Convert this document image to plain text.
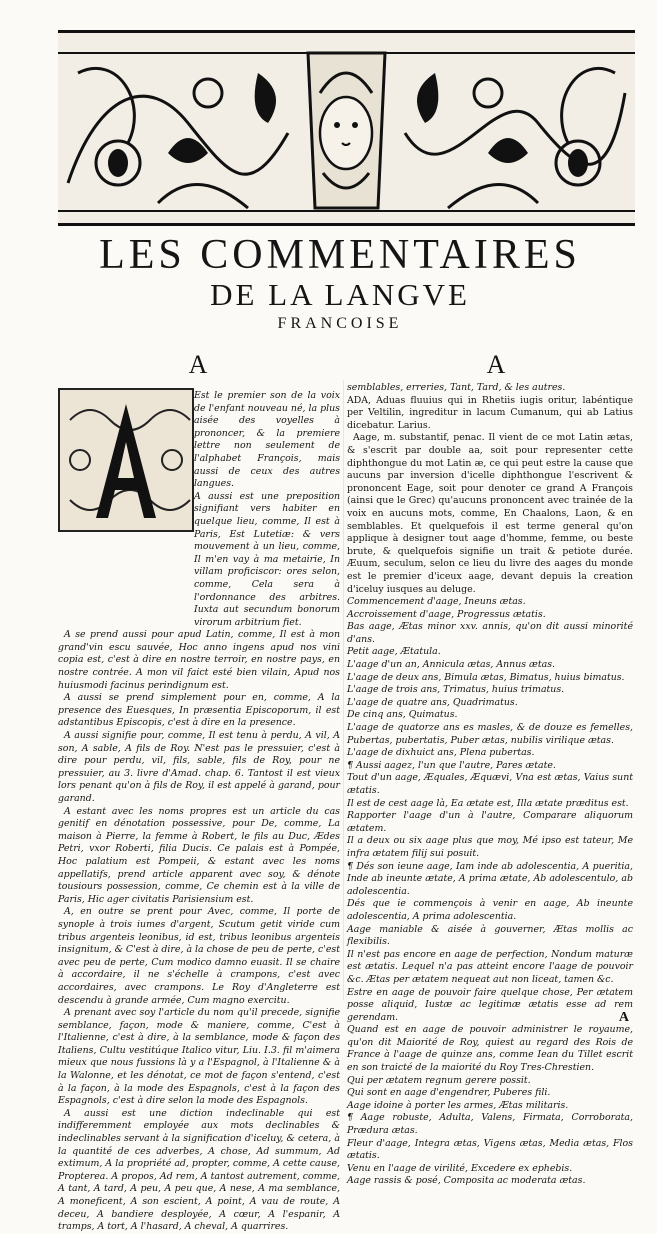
LES COMMENTAIRES
DE LA LANGVE
FRANCOISE
A	A

Est le premier son de la voix de l'enfant nouveau né, la plus aisée des voyelles à prononcer, & la premiere lettre non seulement de l'alphabet François, mais aussi de ceux des autres langues.

A aussi est une preposition signifiant vers habiter en quelque lieu, comme, Il est à Paris, Est Lutetiæ: & vers mouvement à un lieu, comme, Il m'en vay à ma metairie, In villam proficiscor: ores selon, comme, Cela sera à l'ordonnance des arbitres. Iuxta aut secundum bonorum virorum arbitrium fiet.

A se prend aussi pour apud Latin, comme, Il est à mon grand'vin escu sauvée, Hoc anno ingens apud nos vini copia est, c'est à dire en nostre terroir, en nostre pays, en nostre contrée. A mon vil faict esté bien vilain, Apud nos huiusmodi facinus perindignum est.

A aussi se prend simplement pour en, comme, A la presence des Euesques, In præsentia Episcoporum, il est adstantibus Episcopis, c'est à dire en la presence.

A aussi signifie pour, comme, Il est tenu à perdu, A vil, A son, A sable, A fils de Roy. N'est pas le pressuier, c'est à dire pour perdu, vil, fils, sable, fils de Roy, pour ne pressuier, au 3. livre d'Amad. chap. 6. Tantost il est vieux lors penant qu'on à fils de Roy, il est appelé à garand, pour garand.

A estant avec les noms propres est un article du cas genitif en dénotation possessive, pour De, comme, La maison à Pierre, la femme à Robert, le fils au Duc, Ædes Petri, vxor Roberti, filia Ducis. Ce palais est à Pompée, Hoc palatium est Pompeii, & estant avec les noms appellatifs, prend article apparent avec soy, & dénote tousiours possession, comme, Ce chemin est à la ville de Paris, Hic ager civitatis Parisiensium est.

A, en outre se prent pour Avec, comme, Il porte de synople à trois iumes d'argent, Scutum getit viride cum tribus argenteis leonibus, id est, tribus leonibus argenteis insignitum, & C'est à dire, à la chose de peu de perte, c'est avec peu de perte, Cum modico damno euasit. Il se chaire à accordaire, il ne s'échelle à crampons, c'est avec accordaires, avec crampons. Le Roy d'Angleterre est descendu à grande armée, Cum magno exercitu.

A prenant avec soy l'article du nom qu'il precede, signifie semblance, façon, mode & maniere, comme, C'est à l'Italienne, c'est à dire, à la semblance, mode & façon des Italiens, Cultu vestitúque Italico vitur, Liu. I.3. fil m'aimera mieux que nous fussions là y a l'Espagnol, à l'Italienne & à la Walonne, et les dénotat, ce mot de façon s'entend, c'est à la façon, à la mode des Espagnols, c'est à la façon des Espagnols, c'est à dire selon la mode des Espagnols.

A aussi est une diction indeclinable qui est indifferemment employée aux mots declinables & indeclinables servant à la signification d'iceluy, & cetera, à la quantité de ces adverbes, A chose, Ad summum, Ad extimum, A la propriété ad, propter, comme, A cette cause, Propterea. A propos, Ad rem, A tantost autrement, comme, A tant, A tard, A peu, A peu que, A nese, A ma semblance, A moneficent, A son escient, A point, A vau de route, A deceu, A bandiere desployée, A cœur, A l'espanir, A tramps, A tort, A l'hasard, A cheval, A quarrires.

semblables, erreries, Tant, Tard, & les autres.

ADA, Aduas fluuius qui in Rhetiis iugis oritur, labéntique per Veltilin, ingreditur in lacum Cumanum, qui ab Latius dicebatur. Larius.

Aage, m. substantif, penac. Il vient de ce mot Latin ætas, & s'escrit par double aa, soit pour representer cette diphthongue du mot Latin æ, ce qui peut estre la cause que aucuns par inversion d'icelle diphthongue l'escrivent & prononcent Eage, soit pour denoter ce grand A François (ainsi que le Grec) qu'aucuns prononcent avec trainée de la voix en aucuns mots, comme, En Chaalons, Laon, & en semblables. Et quelquefois il est terme general qu'on applique à designer tout aage d'homme, femme, ou beste brute, & quelquefois signifie un trait & petiote durée. Æuum, seculum, selon ce lieu du livre des aages du monde est le premier d'iceux aage, devant depuis la creation d'iceluy iusques au deluge.

Commencement d'aage, Ineuns ætas.

Accroissement d'aage, Progressus ætatis.

Bas aage, Ætas minor xxv. annis, qu'on dit aussi minorité d'ans.

Petit aage, Ætatula.

L'aage d'un an, Annicula ætas, Annus ætas.

L'aage de deux ans, Bimula ætas, Bimatus, huius bimatus.

L'aage de trois ans, Trimatus, huius trimatus.

L'aage de quatre ans, Quadrimatus.

De cinq ans, Quimatus.

L'aage de quatorze ans es masles, & de douze es femelles, Pubertas, pubertatis, Puber ætas, nubilis virilique ætas.

L'aage de dixhuict ans, Plena pubertas.

¶ Aussi aagez, l'un que l'autre, Pares ætate.

Tout d'un aage, Æquales, Æquævi, Vna est ætas, Vaius sunt ætatis.

Il est de cest aage là, Ea ætate est, Illa ætate præditus est.

Rapporter l'aage d'un à l'autre, Comparare aliquorum ætatem.

Il a deux ou six aage plus que moy, Mé ipso est tateur, Me infra ætatem filij sui posuit.

¶ Dés son ieune aage, Iam inde ab adolescentia, A pueritia, Inde ab ineunte ætate, A prima ætate, Ab adolescentulo, ab adolescentia.

Dés que ie commençois à venir en aage, Ab ineunte adolescentia, A prima adolescentia.

Aage maniable & aisée à gouverner, Ætas mollis ac flexibilis.

Il n'est pas encore en aage de perfection, Nondum maturæ est ætatis. Lequel n'a pas atteint encore l'aage de pouvoir &c. Ætas per ætatem nequeat aut non liceat, tamen &c.

Estre en aage de pouvoir faire quelque chose, Per ætatem posse aliquid, Iustæ ac legitimæ ætatis esse ad rem gerendam.

Quand est en aage de pouvoir administrer le royaume, qu'on dit Maiorité de Roy, quiest au regard des Rois de France à l'aage de quinze ans, comme Iean du Tillet escrit en son traicté de la maiorité du Roy Tres-Chrestien.

Qui per ætatem regnum gerere possit.

Qui sont en aage d'engendrer, Puberes fili.

Aage idoine à porter les armes, Ætas militaris.

¶ Aage robuste, Adulta, Valens, Firmata, Corroborata, Prædura ætas.

Fleur d'aage, Integra ætas, Vigens ætas, Media ætas, Flos ætatis.

Venu en l'aage de virilité, Excedere ex ephebis.

Aage rassis & posé, Composita ac moderata ætas.

A
